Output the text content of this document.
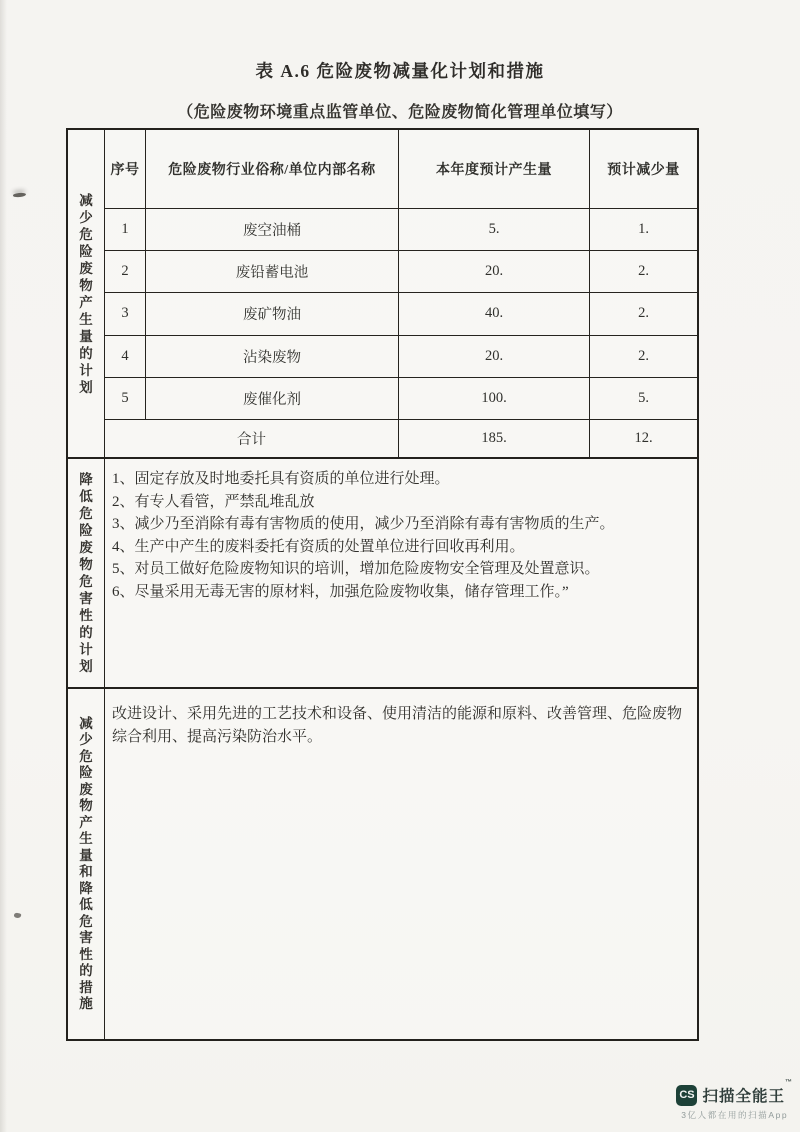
表 A.6 危险废物减量化计划和措施
（危险废物环境重点监管单位、危险废物简化管理单位填写）
减少危险废物产生量的计划
序号	危险废物行业俗称/单位内部名称	本年度预计产生量	预计减少量
1	废空油桶	5.	1.
2	废铅蓄电池	20.	2.
3	废矿物油	40.	2.
4	沾染废物	20.	2.
5	废催化剂	100.	5.
合计	185.	12.
降低危险废物危害性的计划
1、固定存放及时地委托具有资质的单位进行处理。
2、有专人看管，严禁乱堆乱放
3、减少乃至消除有毒有害物质的使用，减少乃至消除有毒有害物质的生产。
4、生产中产生的废料委托有资质的处置单位进行回收再利用。
5、对员工做好危险废物知识的培训，增加危险废物安全管理及处置意识。
6、尽量采用无毒无害的原材料，加强危险废物收集，储存管理工作。”
减少危险废物产生量和降低危害性的措施
改进设计、采用先进的工艺技术和设备、使用清洁的能源和原料、改善管理、危险废物综合利用、提高污染防治水平。
CS 扫描全能王™
3亿人都在用的扫描App
